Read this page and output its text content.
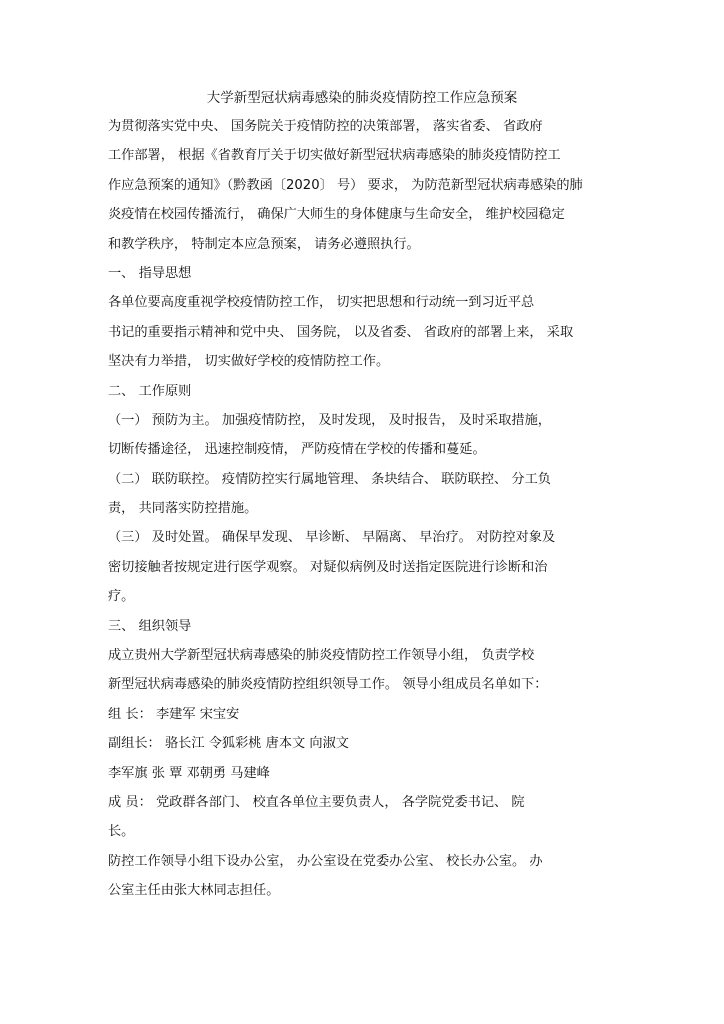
大学新型冠状病毒感染的肺炎疫情防控工作应急预案

为贯彻落实党中央、 国务院关于疫情防控的决策部署， 落实省委、 省政府

工作部署， 根据《省教育厅关于切实做好新型冠状病毒感染的肺炎疫情防控工

作应急预案的通知》（黔教函〔2020〕 号） 要求， 为防范新型冠状病毒感染的肺

炎疫情在校园传播流行， 确保广大师生的身体健康与生命安全， 维护校园稳定

和教学秩序， 特制定本应急预案， 请务必遵照执行。

一、 指导思想

各单位要高度重视学校疫情防控工作， 切实把思想和行动统一到习近平总

书记的重要指示精神和党中央、 国务院， 以及省委、 省政府的部署上来， 采取

坚决有力举措， 切实做好学校的疫情防控工作。

二、 工作原则

（一） 预防为主。 加强疫情防控， 及时发现， 及时报告， 及时采取措施，

切断传播途径， 迅速控制疫情， 严防疫情在学校的传播和蔓延。

（二） 联防联控。 疫情防控实行属地管理、 条块结合、 联防联控、 分工负

责， 共同落实防控措施。

（三） 及时处置。 确保早发现、 早诊断、 早隔离、 早治疗。 对防控对象及

密切接触者按规定进行医学观察。 对疑似病例及时送指定医院进行诊断和治

疗。

三、 组织领导

成立贵州大学新型冠状病毒感染的肺炎疫情防控工作领导小组， 负责学校

新型冠状病毒感染的肺炎疫情防控组织领导工作。 领导小组成员名单如下：

组 长： 李建军 宋宝安

副组长： 骆长江 令狐彩桃 唐本文 向淑文

李军旗 张 覃 邓朝勇 马建峰

成 员： 党政群各部门、 校直各单位主要负责人， 各学院党委书记、 院

长。

防控工作领导小组下设办公室， 办公室设在党委办公室、 校长办公室。 办

公室主任由张大林同志担任。
